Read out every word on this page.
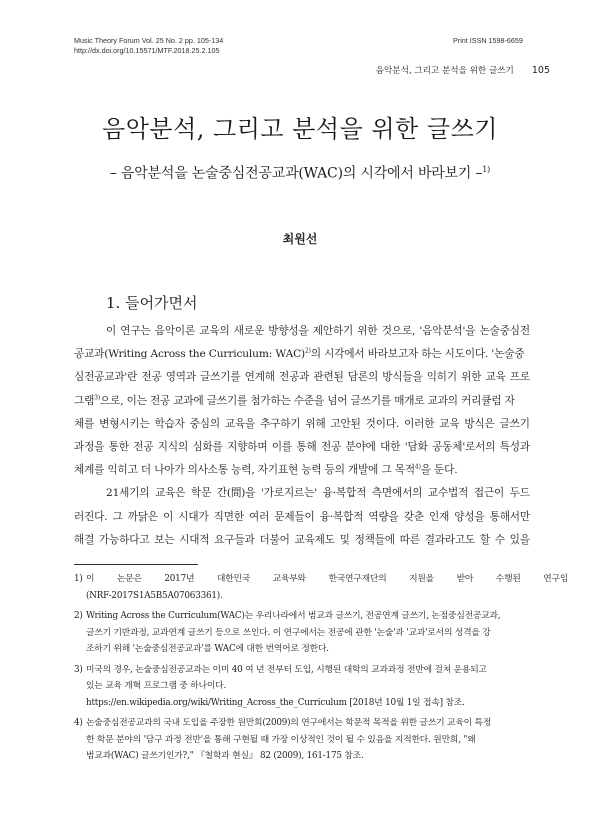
Music Theory Forum Vol. 25 No. 2 pp. 105-134
http://dx.doi.org/10.15571/MTF.2018.25.2.105
Print ISSN 1598-6659
음악분석, 그리고 분석을 위한 글쓰기 105
음악분석, 그리고 분석을 위한 글쓰기
– 음악분석을 논술중심전공교과(WAC)의 시각에서 바라보기 –$^{1)}$
최원선
1. 들어가면서
이 연구는 음악이론 교육의 새로운 방향성을 제안하기 위한 것으로, '음악분석'을 논술중심전
공교과(Writing Across the Curriculum: WAC)$^{2)}$의 시각에서 바라보고자 하는 시도이다. '논술중
심전공교과'란 전공 영역과 글쓰기를 연계해 전공과 관련된 담론의 방식들을 익히기 위한 교육 프로
그램$^{3)}$으로, 이는 전공 교과에 글쓰기를 첨가하는 수준을 넘어 글쓰기를 매개로 교과의 커리큘럼 자
체를 변형시키는 학습자 중심의 교육을 추구하기 위해 고안된 것이다. 이러한 교육 방식은 글쓰기
과정을 통한 전공 지식의 심화를 지향하며 이를 통해 전공 분야에 대한 '담화 공동체'로서의 특성과
체계를 익히고 더 나아가 의사소통 능력, 자기표현 능력 등의 개발에 그 목적$^{4)}$을 둔다.
21세기의 교육은 학문 간(間)을 '가로지르는' 융·복합적 측면에서의 교수법적 접근이 두드
러진다. 그 까닭은 이 시대가 직면한 여러 문제들이 융·복합적 역량을 갖춘 인재 양성을 통해서만
해결 가능하다고 보는 시대적 요구들과 더불어 교육제도 및 정책들에 따른 결과라고도 할 수 있을
1) 이 논문은 2017년 대한민국 교육부와 한국연구재단의 지원을 받아 수행된 연구임
(NRF-2017S1A5B5A07063361).
2) Writing Across the Curriculum(WAC)는 우리나라에서 범교과 글쓰기, 전공연계 글쓰기, 논점중심전공교과,
글쓰기 기반과정, 교과연계 글쓰기 등으로 쓰인다. 이 연구에서는 전공에 관한 '논술'과 '교과'로서의 성격을 강
조하기 위해 '논술중심전공교과'를 WAC에 대한 번역어로 정한다.
3) 미국의 경우, 논술중심전공교과는 이미 40 여 년 전부터 도입, 시행된 대학의 교과과정 전반에 걸쳐 운용되고
있는 교육 개혁 프로그램 중 하나이다.
https://en.wikipedia.org/wiki/Writing_Across_the_Curriculum [2018년 10월 1일 접속] 참조.
4) 논술중심전공교과의 국내 도입을 주장한 원만희(2009)의 연구에서는 학문적 목적을 위한 글쓰기 교육이 특정
한 학문 분야의 '담구 과정 전반'을 통해 구현될 때 가장 이상적인 것이 될 수 있음을 지적한다. 원만희, "왜
범교과(WAC) 글쓰기인가?," 『철학과 현실』 82 (2009), 161-175 참조.
